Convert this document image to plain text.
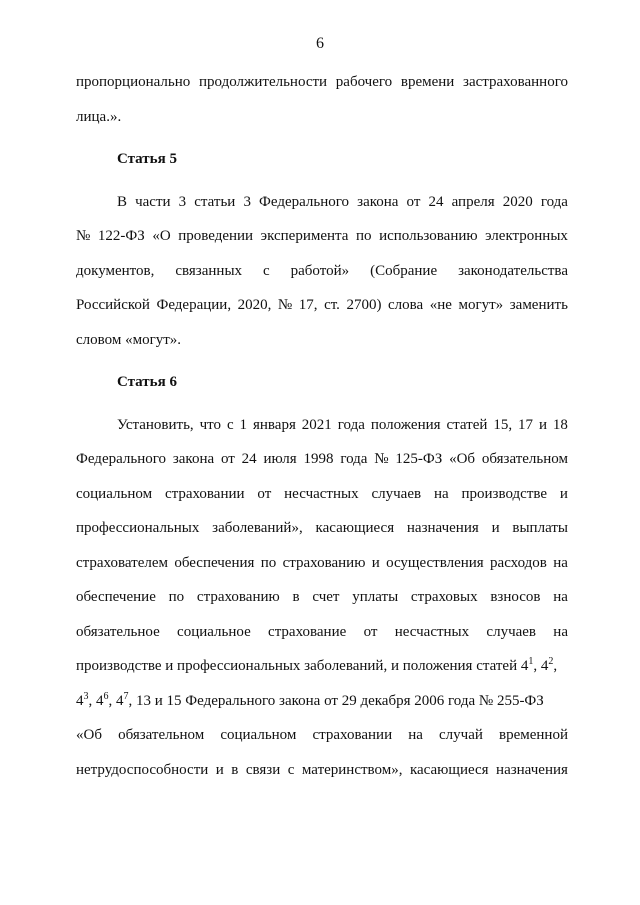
6
пропорционально продолжительности рабочего времени застрахованного
лица.».
Статья 5
В части 3 статьи 3 Федерального закона от 24 апреля 2020 года
№ 122-ФЗ «О проведении эксперимента по использованию электронных
документов, связанных с работой» (Собрание законодательства
Российской Федерации, 2020, № 17, ст. 2700) слова «не могут» заменить
словом «могут».
Статья 6
Установить, что с 1 января 2021 года положения статей 15, 17 и 18
Федерального закона от 24 июля 1998 года № 125-ФЗ «Об обязательном
социальном страховании от несчастных случаев на производстве и
профессиональных заболеваний», касающиеся назначения и выплаты
страхователем обеспечения по страхованию и осуществления расходов на
обеспечение по страхованию в счет уплаты страховых взносов на
обязательное социальное страхование от несчастных случаев на
производстве и профессиональных заболеваний, и положения статей $4^1$, $4^2$,
$4^3$, $4^6$, $4^7$, 13 и 15 Федерального закона от 29 декабря 2006 года № 255-ФЗ
«Об обязательном социальном страховании на случай временной
нетрудоспособности и в связи с материнством», касающиеся назначения
